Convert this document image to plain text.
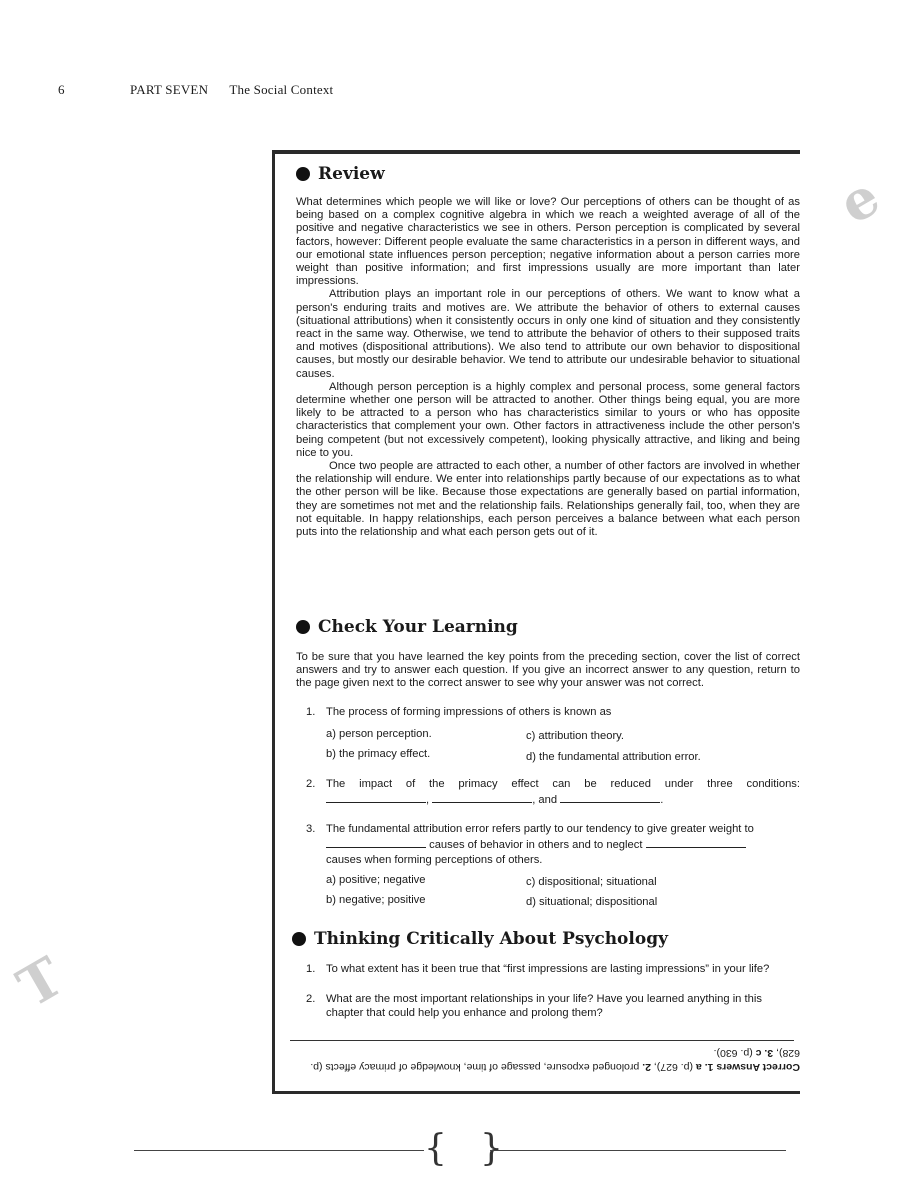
6	PART SEVEN The Social Context
e
T
Review

What determines which people we will like or love? Our perceptions of others can be thought of as being based on a complex cognitive algebra in which we reach a weighted average of all of the positive and negative characteristics we see in others. Person perception is complicated by several factors, however: Different people evaluate the same characteristics in a person in different ways, and our emotional state influences person perception; negative information about a person carries more weight than positive information; and first impressions usually are more important than later impressions.

Attribution plays an important role in our perceptions of others. We want to know what a person's enduring traits and motives are. We attribute the behavior of others to external causes (situational attributions) when it consistently occurs in only one kind of situation and they consistently react in the same way. Otherwise, we tend to attribute the behavior of others to their supposed traits and motives (dispositional attributions). We also tend to attribute our own behavior to dispositional causes, but mostly our desirable behavior. We tend to attribute our undesirable behavior to situational causes.

Although person perception is a highly complex and personal process, some general factors determine whether one person will be attracted to another. Other things being equal, you are more likely to be attracted to a person who has characteristics similar to yours or who has opposite characteristics that complement your own. Other factors in attractiveness include the other person's being competent (but not excessively competent), looking physically attractive, and liking and being nice to you.

Once two people are attracted to each other, a number of other factors are involved in whether the relationship will endure. We enter into relationships partly because of our expectations as to what the other person will be like. Because those expectations are generally based on partial information, they are sometimes not met and the relationship fails. Relationships generally fail, too, when they are not equitable. In happy relationships, each person perceives a balance between what each person puts into the relationship and what each person gets out of it.

Check Your Learning
To be sure that you have learned the key points from the preceding section, cover the list of correct answers and try to answer each question. If you give an incorrect answer to any question, return to the page given next to the correct answer to see why your answer was not correct.
1. The process of forming impressions of others is known as
a) person perception.	c) attribution theory.
b) the primacy effect.	d) the fundamental attribution error.
2. The impact of the primacy effect can be reduced under three conditions:
,	, and	.
3. The fundamental attribution error refers partly to our tendency to give greater weight to
causes of behavior in others and to neglect
causes when forming perceptions of others.
a) positive; negative	c) dispositional; situational
b) negative; positive	d) situational; dispositional
Thinking Critically About Psychology
1. To what extent has it been true that “first impressions are lasting impressions” in your life?
2. What are the most important relationships in your life? Have you learned anything in this chapter that could help you enhance and prolong them?
Correct Answers 1. a (p. 627), 2. prolonged exposure, passage of time, knowledge of primacy effects (p. 628), 3. c (p. 630).
{ }
